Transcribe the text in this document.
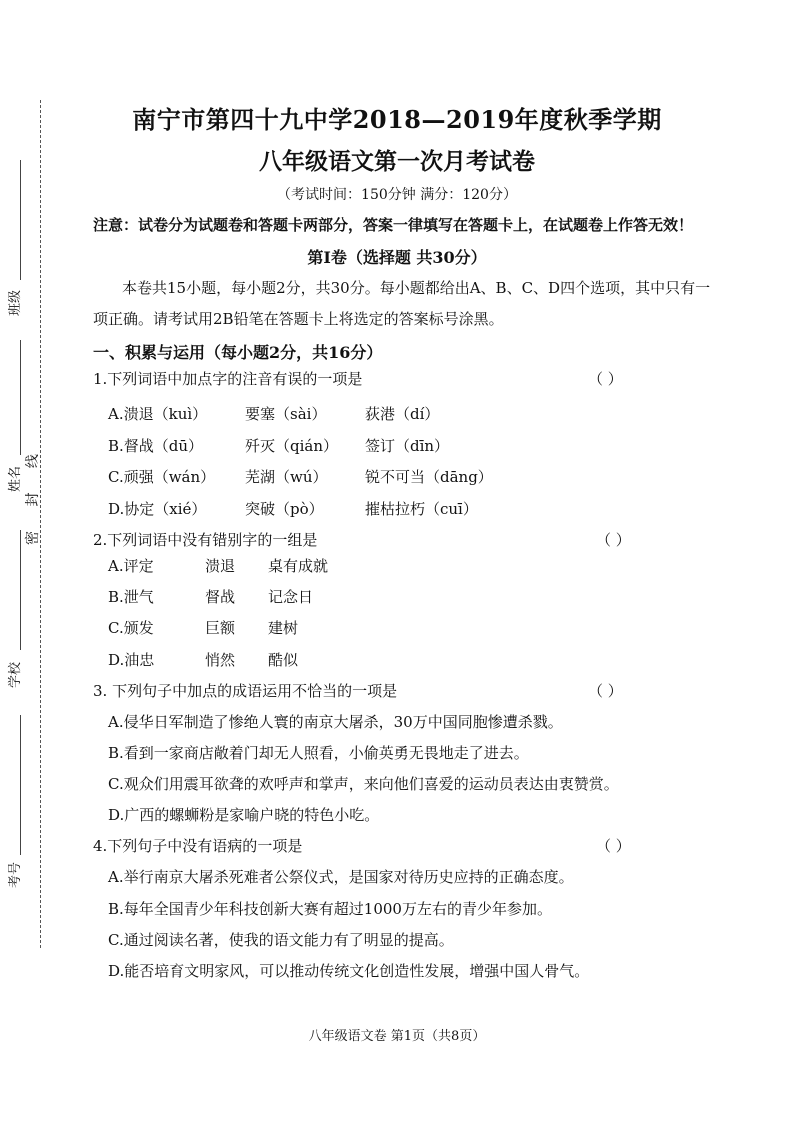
班级
姓名 密 封 线
学校
考号
南宁市第四十九中学2018—2019年度秋季学期
八年级语文第一次月考试卷
（考试时间：150分钟 满分：120分）
注意：试卷分为试题卷和答题卡两部分，答案一律填写在答题卡上，在试题卷上作答无效！
第Ⅰ卷（选择题 共30分）
本卷共15小题，每小题2分，共30分。每小题都给出A、B、C、D四个选项，其中只有一
项正确。请考试用2B铅笔在答题卡上将选定的答案标号涂黑。
一、积累与运用（每小题2分，共16分）
1.下列词语中加点字的注音有误的一项是	（ ）
A.溃退（kuì）	要塞（sài）	荻港（dí）
B.督战（dū）	歼灭（qián） 签订（dīn）
C.顽强（wán） 芜湖（wú） 锐不可当（dāng）
D.协定（xié）	突破（pò）	摧枯拉朽（cuī）
2.下列词语中没有错别字的一组是	（ ）
A.评定	溃退 桌有成就
B.泄气	督战 记念日
C.颁发	巨额 建树
D.油忠	悄然 酷似
3. 下列句子中加点的成语运用不恰当的一项是	（ ）
A.侵华日军制造了惨绝人寰的南京大屠杀，30万中国同胞惨遭杀戮。
B.看到一家商店敞着门却无人照看，小偷英勇无畏地走了进去。
C.观众们用震耳欲聋的欢呼声和掌声，来向他们喜爱的运动员表达由衷赞赏。
D.广西的螺蛳粉是家喻户晓的特色小吃。
4.下列句子中没有语病的一项是	（ ）
A.举行南京大屠杀死难者公祭仪式，是国家对待历史应持的正确态度。
B.每年全国青少年科技创新大赛有超过1000万左右的青少年参加。
C.通过阅读名著，使我的语文能力有了明显的提高。
D.能否培育文明家风，可以推动传统文化创造性发展，增强中国人骨气。
八年级语文卷 第1页（共8页）
